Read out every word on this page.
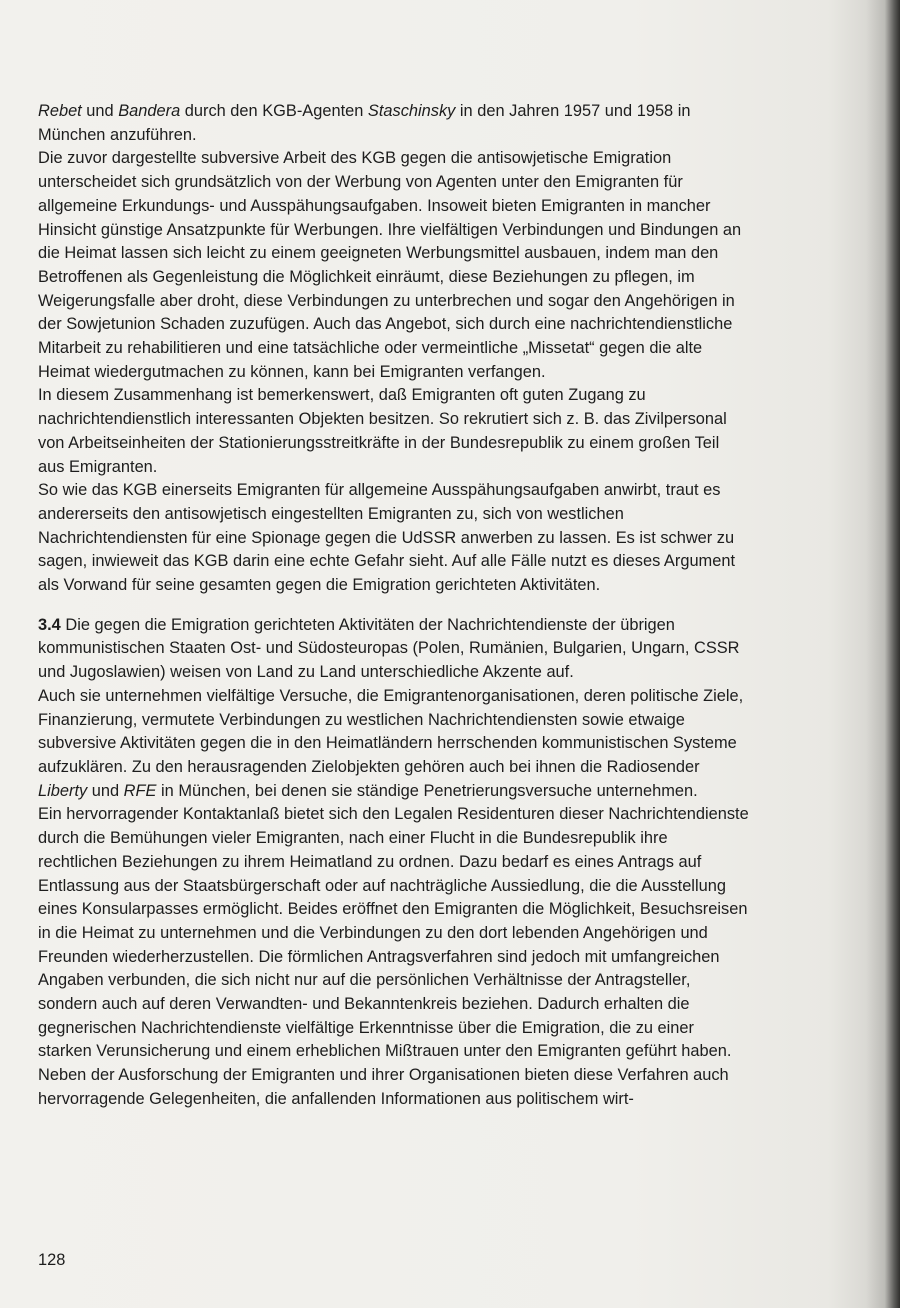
Rebet und Bandera durch den KGB-Agenten Staschinsky in den Jahren 1957 und 1958 in München anzuführen.

Die zuvor dargestellte subversive Arbeit des KGB gegen die antisowjetische Emigration unterscheidet sich grundsätzlich von der Werbung von Agenten unter den Emigranten für allgemeine Erkundungs- und Ausspähungsaufgaben. Insoweit bieten Emigranten in mancher Hinsicht günstige Ansatzpunkte für Werbungen. Ihre vielfältigen Verbindungen und Bindungen an die Heimat lassen sich leicht zu einem geeigneten Werbungsmittel ausbauen, indem man den Betroffenen als Gegenleistung die Möglichkeit einräumt, diese Beziehungen zu pflegen, im Weigerungsfalle aber droht, diese Verbindungen zu unterbrechen und sogar den Angehörigen in der Sowjetunion Schaden zuzufügen. Auch das Angebot, sich durch eine nachrichtendienstliche Mitarbeit zu rehabilitieren und eine tatsächliche oder vermeintliche „Missetat“ gegen die alte Heimat wiedergutmachen zu können, kann bei Emigranten verfangen.

In diesem Zusammenhang ist bemerkenswert, daß Emigranten oft guten Zugang zu nachrichtendienstlich interessanten Objekten besitzen. So rekrutiert sich z. B. das Zivilpersonal von Arbeitseinheiten der Stationierungsstreitkräfte in der Bundesrepublik zu einem großen Teil aus Emigranten.

So wie das KGB einerseits Emigranten für allgemeine Ausspähungsaufgaben anwirbt, traut es andererseits den antisowjetisch eingestellten Emigranten zu, sich von westlichen Nachrichtendiensten für eine Spionage gegen die UdSSR anwerben zu lassen. Es ist schwer zu sagen, inwieweit das KGB darin eine echte Gefahr sieht. Auf alle Fälle nutzt es dieses Argument als Vorwand für seine gesamten gegen die Emigration gerichteten Aktivitäten.

3.4 Die gegen die Emigration gerichteten Aktivitäten der Nachrichtendienste der übrigen kommunistischen Staaten Ost- und Südosteuropas (Polen, Rumänien, Bulgarien, Ungarn, CSSR und Jugoslawien) weisen von Land zu Land unterschiedliche Akzente auf.

Auch sie unternehmen vielfältige Versuche, die Emigrantenorganisationen, deren politische Ziele, Finanzierung, vermutete Verbindungen zu westlichen Nachrichtendiensten sowie etwaige subversive Aktivitäten gegen die in den Heimatländern herrschenden kommunistischen Systeme aufzuklären. Zu den herausragenden Zielobjekten gehören auch bei ihnen die Radiosender Liberty und RFE in München, bei denen sie ständige Penetrierungsversuche unternehmen.

Ein hervorragender Kontaktanlaß bietet sich den Legalen Residenturen dieser Nachrichtendienste durch die Bemühungen vieler Emigranten, nach einer Flucht in die Bundesrepublik ihre rechtlichen Beziehungen zu ihrem Heimatland zu ordnen. Dazu bedarf es eines Antrags auf Entlassung aus der Staatsbürgerschaft oder auf nachträgliche Aussiedlung, die die Ausstellung eines Konsularpasses ermöglicht. Beides eröffnet den Emigranten die Möglichkeit, Besuchsreisen in die Heimat zu unternehmen und die Verbindungen zu den dort lebenden Angehörigen und Freunden wiederherzustellen. Die förmlichen Antragsverfahren sind jedoch mit umfangreichen Angaben verbunden, die sich nicht nur auf die persönlichen Verhältnisse der Antragsteller, sondern auch auf deren Verwandten- und Bekanntenkreis beziehen. Dadurch erhalten die gegnerischen Nachrichtendienste vielfältige Erkenntnisse über die Emigration, die zu einer starken Verunsicherung und einem erheblichen Mißtrauen unter den Emigranten geführt haben. Neben der Ausforschung der Emigranten und ihrer Organisationen bieten diese Verfahren auch hervorragende Gelegenheiten, die anfallenden Informationen aus politischem wirt-

128
